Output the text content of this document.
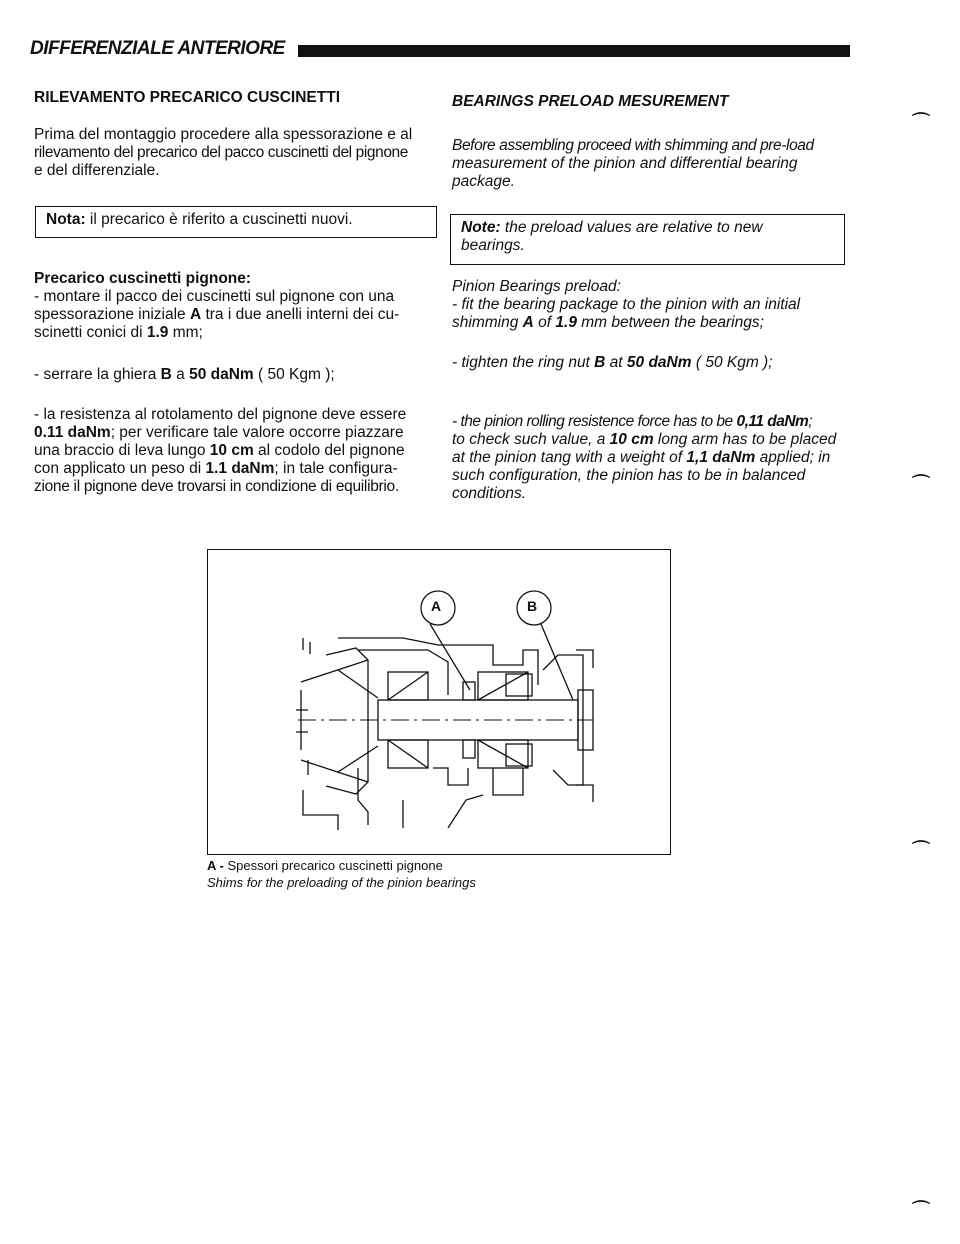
DIFFERENZIALE ANTERIORE
RILEVAMENTO PRECARICO CUSCINETTI
Prima del montaggio procedere alla spessorazione e al
rilevamento del precarico del pacco cuscinetti del pignone
e del differenziale.
Nota: il precarico è riferito a cuscinetti nuovi.
Precarico cuscinetti pignone:
- montare il pacco dei cuscinetti sul pignone con una
spessorazione iniziale A tra i due anelli interni dei cu-
scinetti conici di 1.9 mm;
- serrare la ghiera B a 50 daNm ( 50 Kgm );
- la resistenza al rotolamento del pignone deve essere
0.11 daNm; per verificare tale valore occorre piazzare
una braccio di leva lungo 10 cm al codolo del pignone
con applicato un peso di 1.1 daNm; in tale configura-
zione il pignone deve trovarsi in condizione di equilibrio.
BEARINGS PRELOAD MESUREMENT
Before assembling proceed with shimming and pre-load
measurement of the pinion and differential bearing
package.
Note: the preload values are relative to new
bearings.
Pinion Bearings preload:
- fit the bearing package to the pinion with an initial
shimming A of 1.9 mm between the bearings;
- tighten the ring nut B at 50 daNm ( 50 Kgm );
- the pinion rolling resistence force has to be 0,11 daNm;
to check such value, a 10 cm long arm has to be placed
at the pinion tang with a weight of 1,1 daNm applied; in
such configuration, the pinion has to be in balanced
conditions.
⌒
⌒
⌒
⌒
A	B
A - Spessori precarico cuscinetti pignone
Shims for the preloading of the pinion bearings
